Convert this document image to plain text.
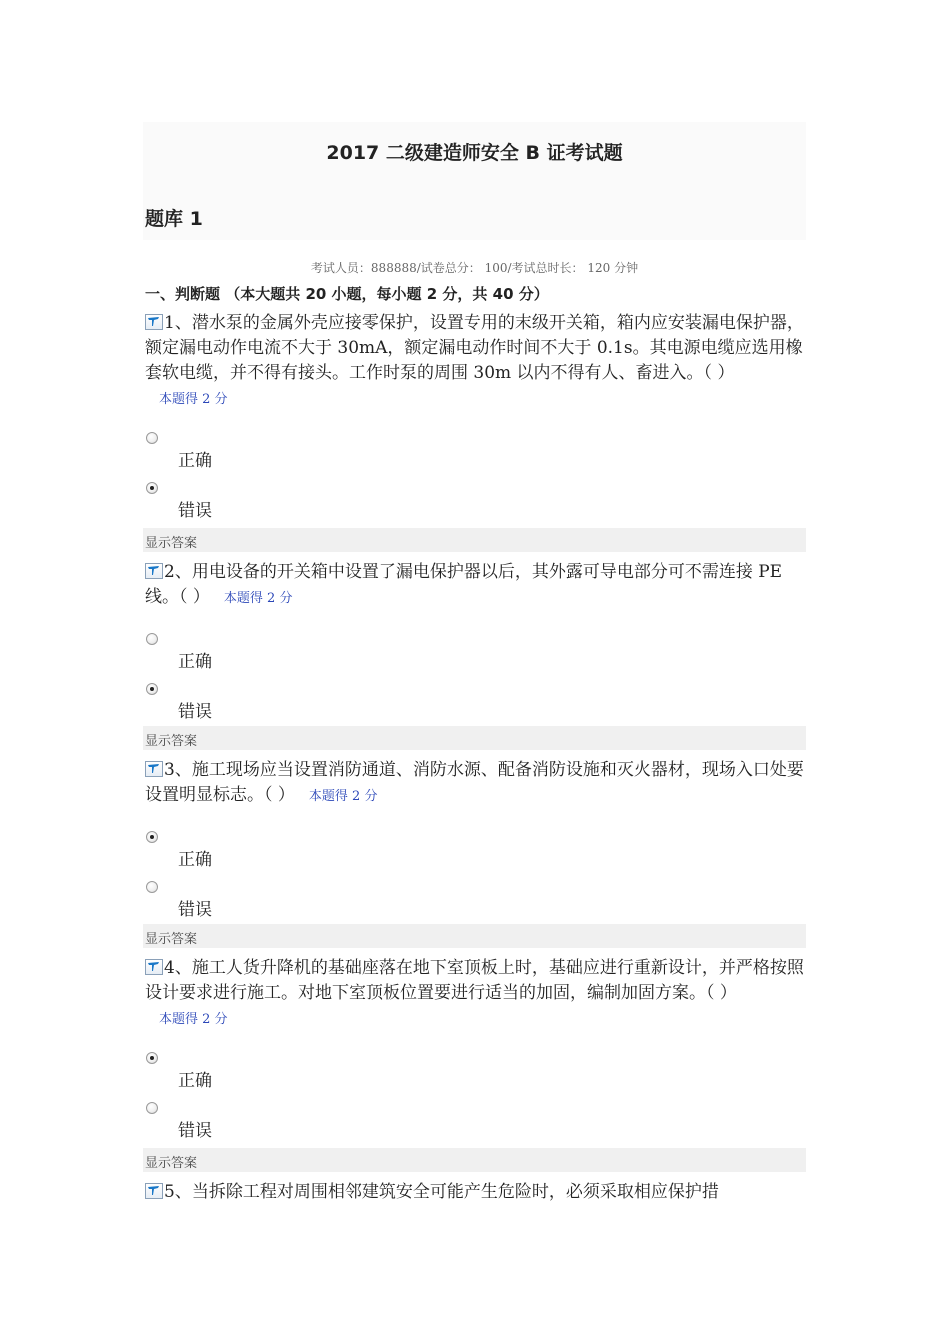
2017 二级建造师安全 B 证考试题
题库 1
考试人员：888888/试卷总分： 100/考试总时长： 120 分钟
一、判断题 （本大题共 20 小题，每小题 2 分，共 40 分）
1、潜水泵的金属外壳应接零保护，设置专用的末级开关箱，箱内应安装漏电保护器，额定漏电动作电流不大于 30mA，额定漏电动作时间不大于 0.1s。其电源电缆应选用橡套软电缆，并不得有接头。工作时泵的周围 30m 以内不得有人、畜进入。（ ）本题得 2 分
正确
错误
显示答案
2、用电设备的开关箱中设置了漏电保护器以后，其外露可导电部分可不需连接 PE 线。（ ） 本题得 2 分
正确
错误
显示答案
3、施工现场应当设置消防通道、消防水源、配备消防设施和灭火器材，现场入口处要设置明显标志。（ ） 本题得 2 分
正确
错误
显示答案
4、施工人货升降机的基础座落在地下室顶板上时，基础应进行重新设计，并严格按照设计要求进行施工。对地下室顶板位置要进行适当的加固，编制加固方案。（ ）本题得 2 分
正确
错误
显示答案
5、当拆除工程对周围相邻建筑安全可能产生危险时，必须采取相应保护措
